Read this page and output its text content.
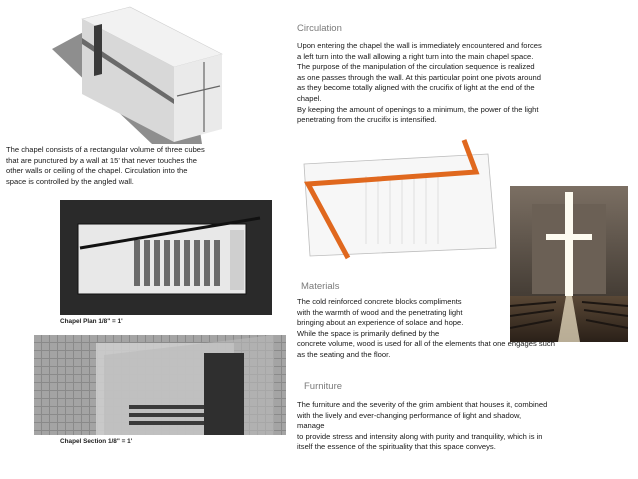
The chapel consists of a rectangular volume of three cubes
that are punctured by a wall at 15’ that never touches the
other walls or ceiling of the chapel. Circulation into the
space is controlled by the angled wall.
Chapel Plan 1/8" = 1'
Chapel Section 1/8" = 1'
Circulation
Upon entering the chapel the wall is immediately encountered and forces
a left turn into the wall allowing a right turn into the main chapel space.
The purpose of the manipulation of the circulation sequence is realized
as one passes through the wall. At this particular point one pivots around
as they become totally aligned with the crucifix of light at the end of the
chapel.
By keeping the amount of openings to a minimum, the power of the light
penetrating from the crucifix is intensified.
Materials
The cold reinforced concrete blocks compliments
with the warmth of wood and the penetrating light
bringing about an experience of solace and hope.
While the space is primarily defined by the
concrete volume, wood is used for all of the elements that one engages such
as the seating and the floor.
Furniture
The furniture and the severity of the grim ambient that houses it, combined
with the lively and ever-changing performance of light and shadow,
manage
to provide stress and intensity along with purity and tranquility, which is in
itself the essence of the spirituality that this space conveys.
